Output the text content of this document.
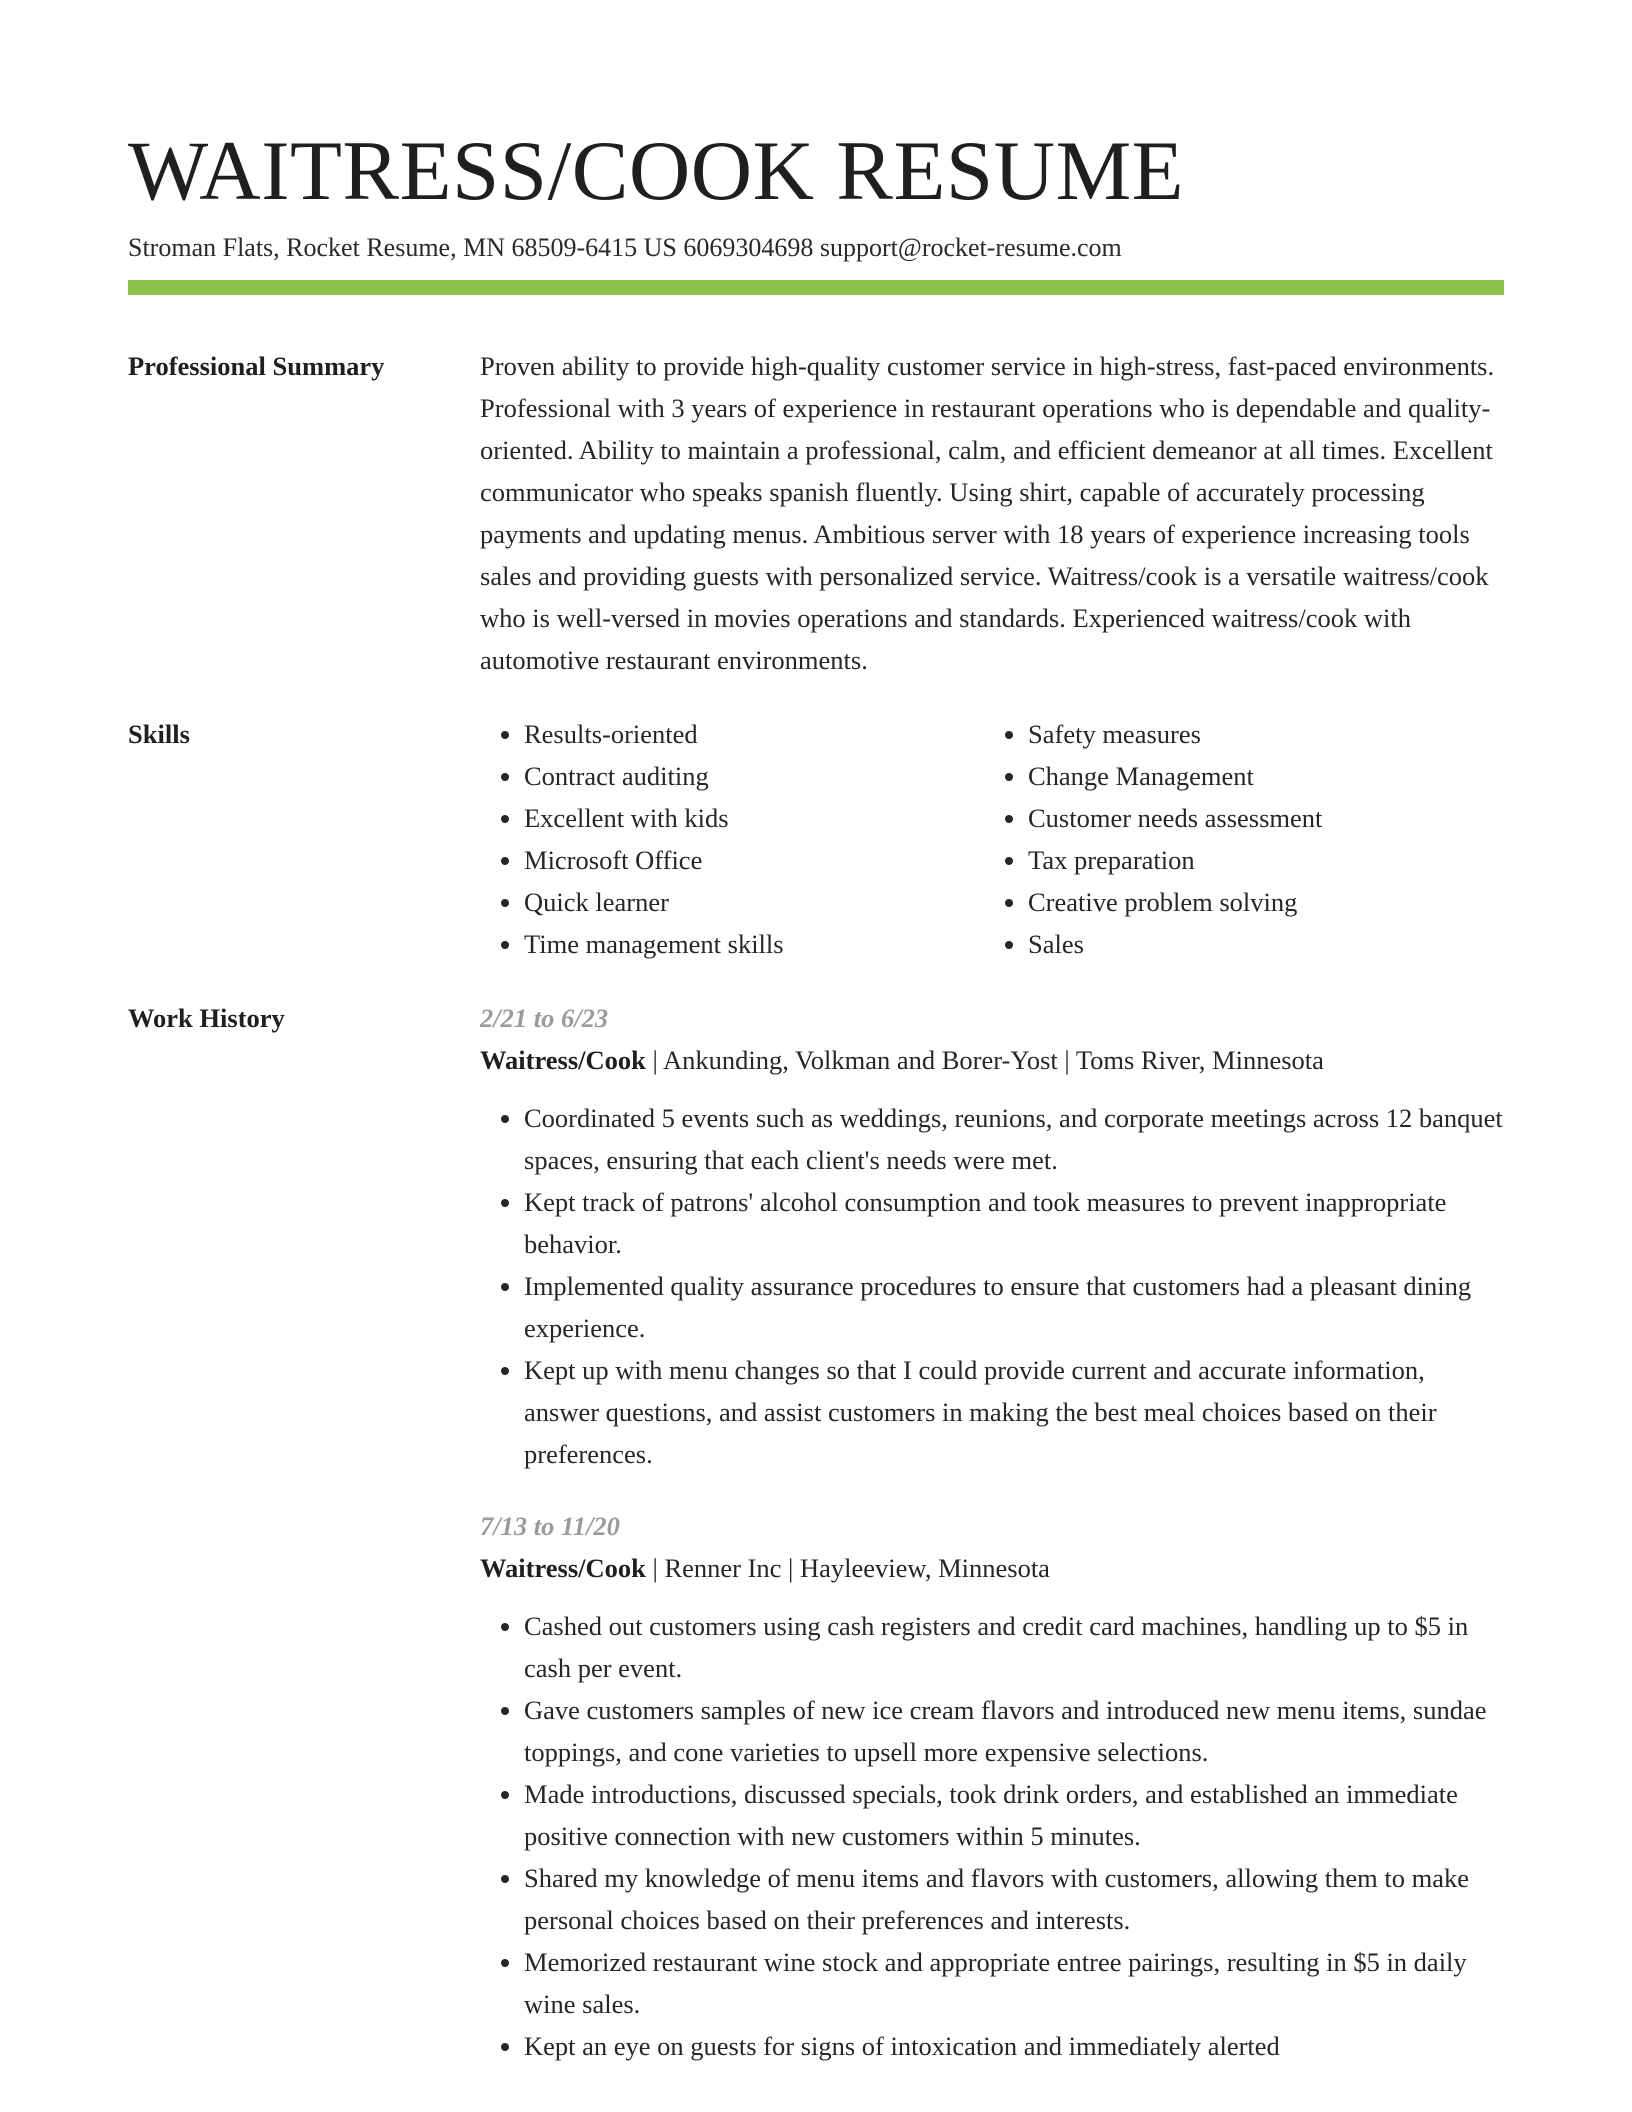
WAITRESS/COOK RESUME
Stroman Flats, Rocket Resume, MN 68509-6415 US 6069304698 support@rocket-resume.com
Professional Summary	Proven ability to provide high-quality customer service in high-stress, fast-paced environments. Professional with 3 years of experience in restaurant operations who is dependable and quality-oriented. Ability to maintain a professional, calm, and efficient demeanor at all times. Excellent communicator who speaks spanish fluently. Using shirt, capable of accurately processing payments and updating menus. Ambitious server with 18 years of experience increasing tools sales and providing guests with personalized service. Waitress/cook is a versatile waitress/cook who is well-versed in movies operations and standards. Experienced waitress/cook with automotive restaurant environments.

Skills
•	Results-oriented
• Contract auditing
• Excellent with kids
• Microsoft Office
• Quick learner
• Time management skills
• Safety measures
• Change Management
• Customer needs assessment
• Tax preparation
• Creative problem solving
• Sales
Work History	2/21 to 6/23
Waitress/Cook | Ankunding, Volkman and Borer-Yost | Toms River, Minnesota
• Coordinated 5 events such as weddings, reunions, and corporate meetings across 12 banquet spaces, ensuring that each client's needs were met.
• Kept track of patrons' alcohol consumption and took measures to prevent inappropriate behavior.
• Implemented quality assurance procedures to ensure that customers had a pleasant dining experience.
• Kept up with menu changes so that I could provide current and accurate information, answer questions, and assist customers in making the best meal choices based on their preferences.
7/13 to 11/20
Waitress/Cook | Renner Inc | Hayleeview, Minnesota
• Cashed out customers using cash registers and credit card machines, handling up to $5 in cash per event.
• Gave customers samples of new ice cream flavors and introduced new menu items, sundae toppings, and cone varieties to upsell more expensive selections.
• Made introductions, discussed specials, took drink orders, and established an immediate positive connection with new customers within 5 minutes.
• Shared my knowledge of menu items and flavors with customers, allowing them to make personal choices based on their preferences and interests.
• Memorized restaurant wine stock and appropriate entree pairings, resulting in $5 in daily wine sales.
• Kept an eye on guests for signs of intoxication and immediately alerted
